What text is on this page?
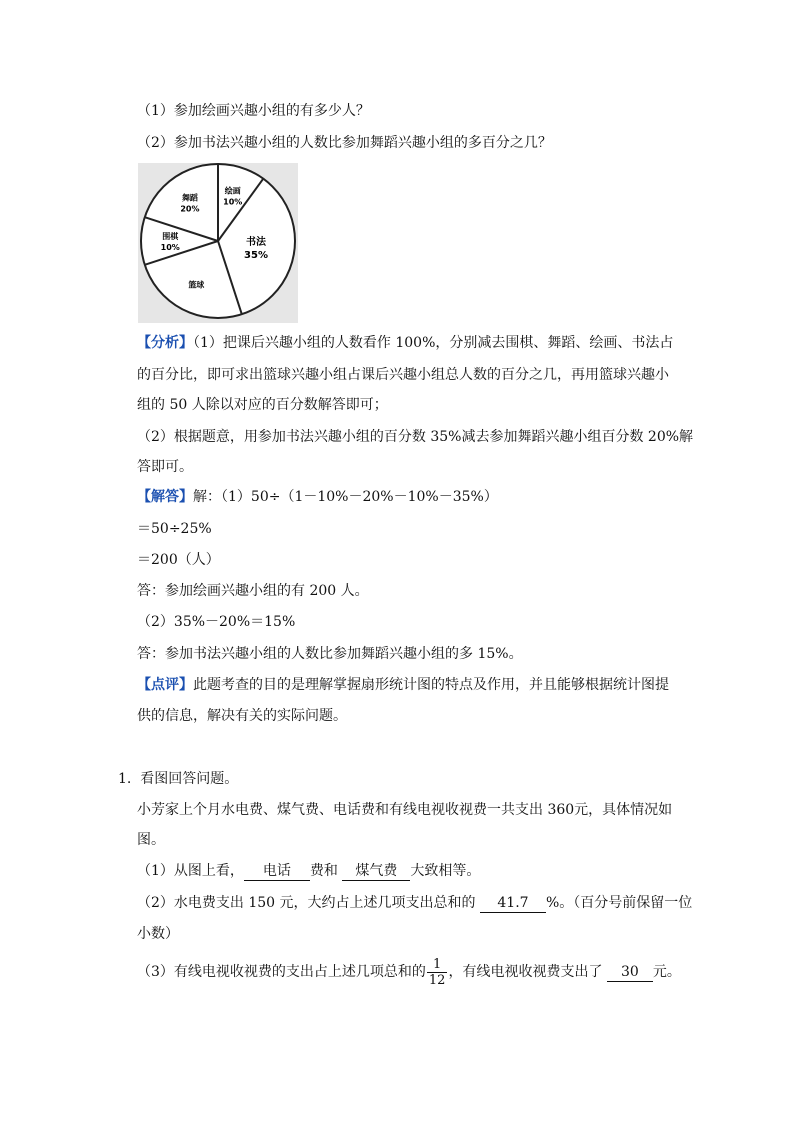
（1）参加绘画兴趣小组的有多少人？
（2）参加书法兴趣小组的人数比参加舞蹈兴趣小组的多百分之几？
绘画
10%
书法
35%
篮球
围棋
10%
舞蹈
20%
【分析】（1）把课后兴趣小组的人数看作 100%，分别减去围棋、舞蹈、绘画、书法占
的百分比，即可求出篮球兴趣小组占课后兴趣小组总人数的百分之几，再用篮球兴趣小
组的 50 人除以对应的百分数解答即可；
（2）根据题意，用参加书法兴趣小组的百分数 35%减去参加舞蹈兴趣小组百分数 20%解
答即可。
【解答】解：（1）50÷（1－10%－20%－10%－35%）
＝50÷25%
＝200（人）
答：参加绘画兴趣小组的有 200 人。
（2）35%－20%＝15%
答：参加书法兴趣小组的人数比参加舞蹈兴趣小组的多 15%。
【点评】此题考查的目的是理解掌握扇形统计图的特点及作用，并且能够根据统计图提
供的信息，解决有关的实际问题。
1. 看图回答问题。
小芳家上个月水电费、煤气费、电话费和有线电视收视费一共支出 360元，具体情况如
图。
（1）从图上看， 电话 费和 煤气费 大致相等。
（2）水电费支出 150 元，大约占上述几项支出总和的 41.7 %。（百分号前保留一位
小数）
（3）有线电视收视费的支出占上述几项总和的 $\frac{1}{12}$ ，有线电视收视费支出了 30 元。
